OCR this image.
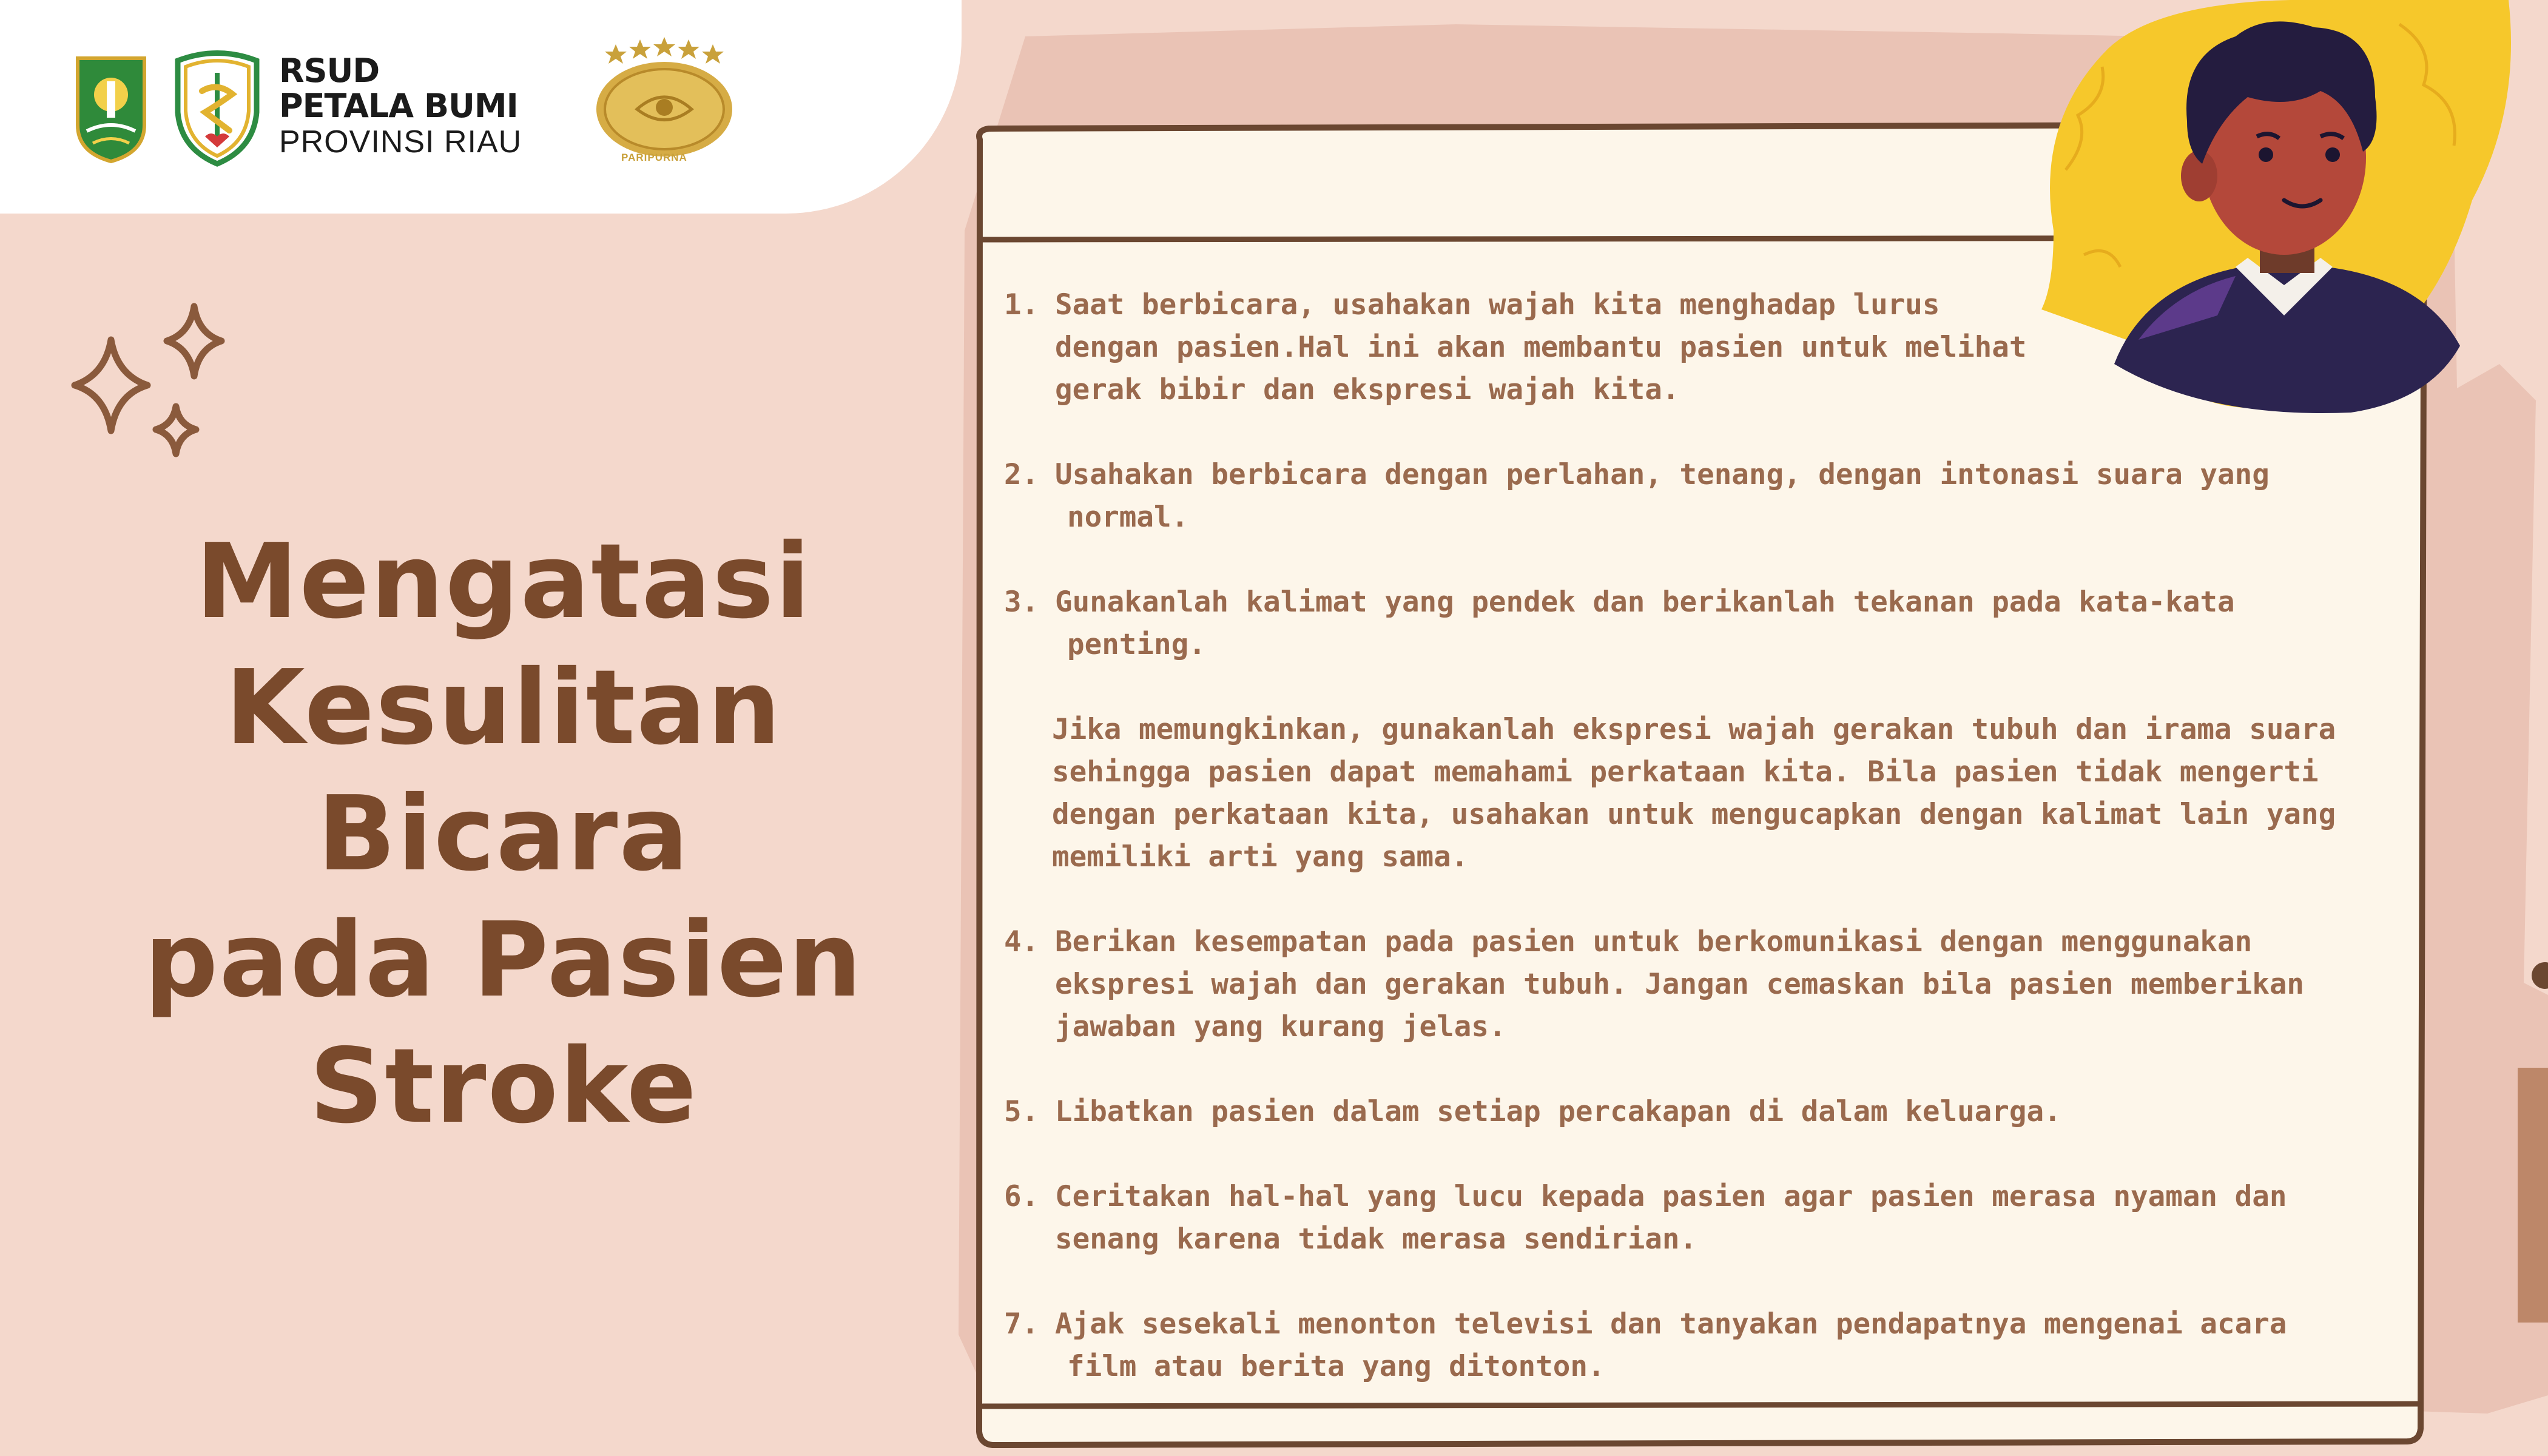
RSUD
PETALA BUMI
PROVINSI RIAU	PARIPURNA
Mengatasi
Kesulitan Bicara
pada Pasien
Stroke
1. Saat berbicara, usahakan wajah kita menghadap lurus
dengan pasien.Hal ini akan membantu pasien untuk melihat
gerak bibir dan ekspresi wajah kita.
2. Usahakan berbicara dengan perlahan, tenang, dengan intonasi suara yang
normal.
3. Gunakanlah kalimat yang pendek dan berikanlah tekanan pada kata-kata
penting.
Jika memungkinkan, gunakanlah ekspresi wajah gerakan tubuh dan irama suara
sehingga pasien dapat memahami perkataan kita. Bila pasien tidak mengerti
dengan perkataan kita, usahakan untuk mengucapkan dengan kalimat lain yang
memiliki arti yang sama.
4. Berikan kesempatan pada pasien untuk berkomunikasi dengan menggunakan
ekspresi wajah dan gerakan tubuh. Jangan cemaskan bila pasien memberikan
jawaban yang kurang jelas.
5. Libatkan pasien dalam setiap percakapan di dalam keluarga.
6. Ceritakan hal-hal yang lucu kepada pasien agar pasien merasa nyaman dan
senang karena tidak merasa sendirian.
7. Ajak sesekali menonton televisi dan tanyakan pendapatnya mengenai acara
film atau berita yang ditonton.
